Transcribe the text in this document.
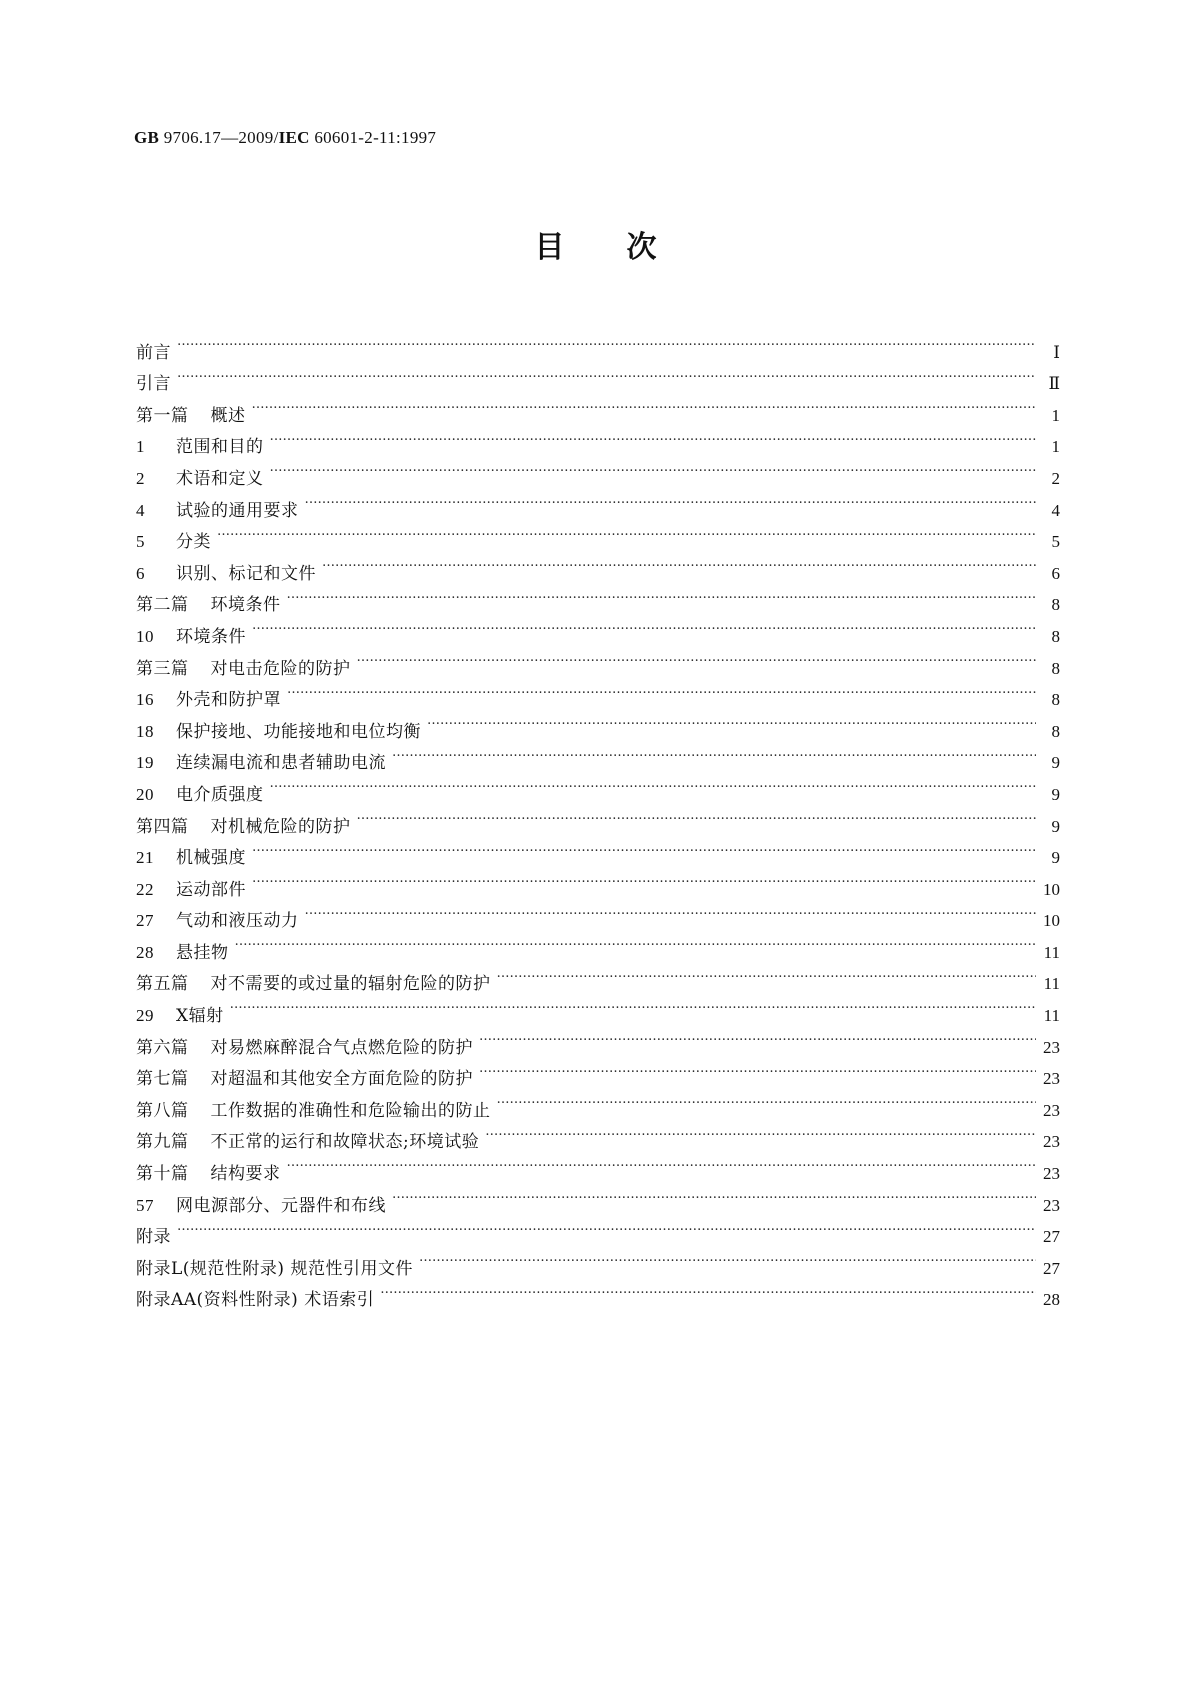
GB 9706.17—2009/IEC 60601-2-11:1997
目次
前言 …………………………………………………………………………………………………………………………………………………………………………………………………………………………………………………	Ⅰ
引言 …………………………………………………………………………………………………………………………………………………………………………………………………………………………………………………	Ⅱ
第一篇 概述 …………………………………………………………………………………………………………………………………………………………………………………………………………………………………………………	1
1 范围和目的 …………………………………………………………………………………………………………………………………………………………………………………………………………………………………………………	1
2 术语和定义 …………………………………………………………………………………………………………………………………………………………………………………………………………………………………………………	2
4 试验的通用要求 …………………………………………………………………………………………………………………………………………………………………………………………………………………………………………………	4
5 分类 …………………………………………………………………………………………………………………………………………………………………………………………………………………………………………………	5
6 识别、标记和文件 …………………………………………………………………………………………………………………………………………………………………………………………………………………………………………………	6
第二篇 环境条件 …………………………………………………………………………………………………………………………………………………………………………………………………………………………………………………	8
10 环境条件 …………………………………………………………………………………………………………………………………………………………………………………………………………………………………………………	8
第三篇 对电击危险的防护 …………………………………………………………………………………………………………………………………………………………………………………………………………………………………………………	8
16 外壳和防护罩 …………………………………………………………………………………………………………………………………………………………………………………………………………………………………………………	8
18 保护接地、功能接地和电位均衡 …………………………………………………………………………………………………………………………………………………………………………………………………………………………………………………	8
19 连续漏电流和患者辅助电流 …………………………………………………………………………………………………………………………………………………………………………………………………………………………………………………	9
20 电介质强度 …………………………………………………………………………………………………………………………………………………………………………………………………………………………………………………	9
第四篇 对机械危险的防护 …………………………………………………………………………………………………………………………………………………………………………………………………………………………………………………	9
21 机械强度 …………………………………………………………………………………………………………………………………………………………………………………………………………………………………………………	9
22 运动部件 …………………………………………………………………………………………………………………………………………………………………………………………………………………………………………………	10
27 气动和液压动力 …………………………………………………………………………………………………………………………………………………………………………………………………………………………………………………	10
28 悬挂物 …………………………………………………………………………………………………………………………………………………………………………………………………………………………………………………	11
第五篇 对不需要的或过量的辐射危险的防护 …………………………………………………………………………………………………………………………………………………………………………………………………………………………………………………	11
29 X辐射 …………………………………………………………………………………………………………………………………………………………………………………………………………………………………………………	11
第六篇 对易燃麻醉混合气点燃危险的防护 …………………………………………………………………………………………………………………………………………………………………………………………………………………………………………………	23
第七篇 对超温和其他安全方面危险的防护 …………………………………………………………………………………………………………………………………………………………………………………………………………………………………………………	23
第八篇 工作数据的准确性和危险输出的防止 …………………………………………………………………………………………………………………………………………………………………………………………………………………………………………………	23
第九篇 不正常的运行和故障状态;环境试验 …………………………………………………………………………………………………………………………………………………………………………………………………………………………………………………	23
第十篇 结构要求 …………………………………………………………………………………………………………………………………………………………………………………………………………………………………………………	23
57 网电源部分、元器件和布线 …………………………………………………………………………………………………………………………………………………………………………………………………………………………………………………	23
附录 …………………………………………………………………………………………………………………………………………………………………………………………………………………………………………………	27
附录L(规范性附录) 规范性引用文件 …………………………………………………………………………………………………………………………………………………………………………………………………………………………………………………	27
附录AA(资料性附录) 术语索引 …………………………………………………………………………………………………………………………………………………………………………………………………………………………………………………	28
